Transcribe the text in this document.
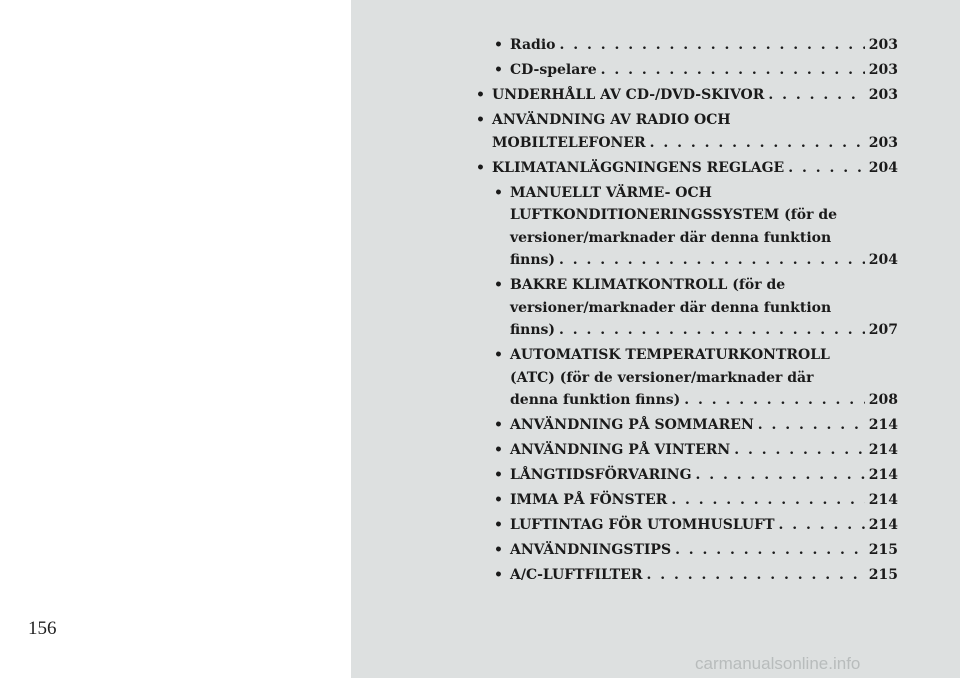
156
• Radio . . .	203
• CD-spelare . . .	203
• UNDERHÅLL AV CD-/DVD-SKIVOR . . .	203
• ANVÄNDNING AV RADIO OCH
MOBILTELEFONER . . .	203
• KLIMATANLÄGGNINGENS REGLAGE . . .	204
• MANUELLT VÄRME- OCH
LUFTKONDITIONERINGSSYSTEM (för de
versioner/marknader där denna funktion
finns) . . .	204
• BAKRE KLIMATKONTROLL (för de
versioner/marknader där denna funktion
finns) . . .	207
• AUTOMATISK TEMPERATURKONTROLL
(ATC) (för de versioner/marknader där
denna funktion finns) . . .	208
• ANVÄNDNING PÅ SOMMAREN . . .	214
• ANVÄNDNING PÅ VINTERN . . .	214
• LÅNGTIDSFÖRVARING . . .	214
• IMMA PÅ FÖNSTER . . .	214
• LUFTINTAG FÖR UTOMHUSLUFT . . .	214
• ANVÄNDNINGSTIPS . . .	215
• A/C-LUFTFILTER . . .	215
carmanualsonline.info
